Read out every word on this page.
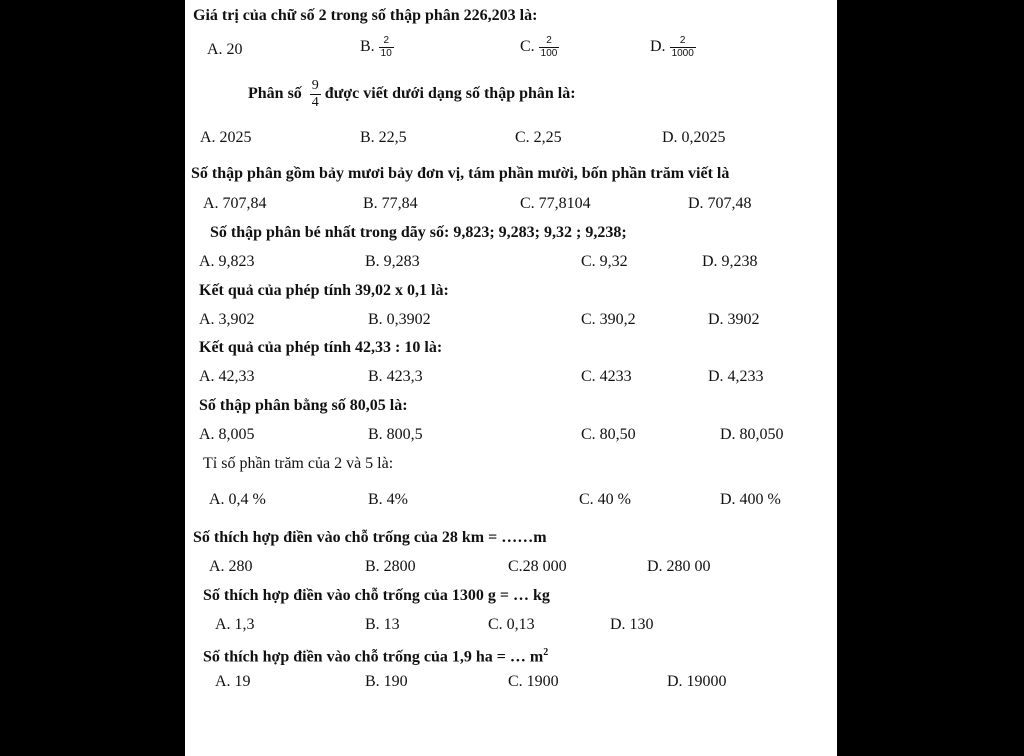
Giá trị của chữ số 2 trong số thập phân 226,203 là:
A. 20	B. $\frac{2}{10}$	C. $\frac{2}{100}$	D. $\frac{2}{1000}$
Phân số $\frac{9}{4}$ được viết dưới dạng số thập phân là:
A. 2025	B. 22,5	C. 2,25	D. 0,2025
Số thập phân gồm bảy mươi bảy đơn vị, tám phần mười, bốn phần trăm viết là
A. 707,84	B. 77,84	C. 77,8104	D. 707,48
Số thập phân bé nhất trong dãy số: 9,823; 9,283; 9,32 ; 9,238;
A. 9,823	B. 9,283	C. 9,32	D. 9,238
Kết quả của phép tính 39,02 x 0,1 là:
A. 3,902	B. 0,3902	C. 390,2	D. 3902
Kết quả của phép tính 42,33 : 10 là:
A. 42,33	B. 423,3	C. 4233	D. 4,233
Số thập phân bằng số 80,05 là:
A. 8,005	B. 800,5	C. 80,50	D. 80,050
Tỉ số phần trăm của 2 và 5 là:
A. 0,4 %	B. 4%	C. 40 %	D. 400 %
Số thích hợp điền vào chỗ trống của 28 km = ……m
A. 280	B. 2800	C.28 000	D. 280 00
Số thích hợp điền vào chỗ trống của 1300 g = … kg
A. 1,3	B. 13	C. 0,13	D. 130
Số thích hợp điền vào chỗ trống của 1,9 ha = … $m^2$
A. 19	B. 190	C. 1900	D. 19000
